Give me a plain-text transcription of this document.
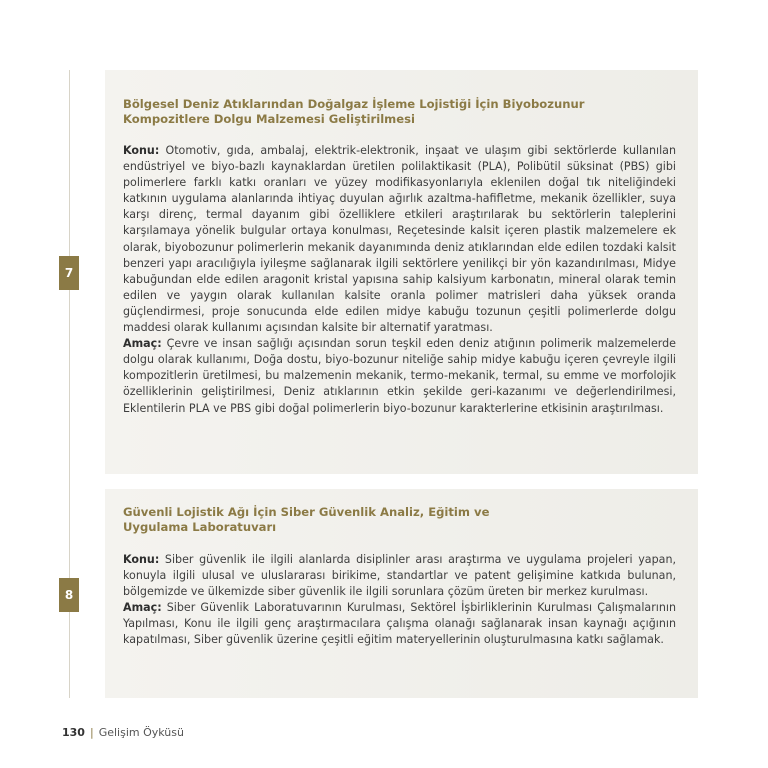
7

Bölgesel Deniz Atıklarından Doğalgaz İşleme Lojistiği İçin Biyobozunur
Kompozitlere Dolgu Malzemesi Geliştirilmesi

Konu: Otomotiv, gıda, ambalaj, elektrik-elektronik, inşaat ve ulaşım gibi sektörlerde kullanılan endüstriyel ve biyo-bazlı kaynaklardan üretilen polilaktikasit (PLA), Polibütil süksinat (PBS) gibi polimerlere farklı katkı oranları ve yüzey modifikasyonlarıyla eklenilen doğal tık niteliğindeki katkının uygulama alanlarında ihtiyaç duyulan ağırlık azaltma-hafifletme, mekanik özellikler, suya karşı direnç, termal dayanım gibi özelliklere etkileri araştırılarak bu sektörlerin taleplerini karşılamaya yönelik bulgular ortaya konulması, Reçetesinde kalsit içeren plastik malzemelere ek olarak, biyobozunur polimerlerin mekanik dayanımında deniz atıklarından elde edilen tozdaki kalsit benzeri yapı aracılığıyla iyileşme sağlanarak ilgili sektörlere yenilikçi bir yön kazandırılması, Midye kabuğundan elde edilen aragonit kristal yapısına sahip kalsiyum karbonatın, mineral olarak temin edilen ve yaygın olarak kullanılan kalsite oranla polimer matrisleri daha yüksek oranda güçlendirmesi, proje sonucunda elde edilen midye kabuğu tozunun çeşitli polimerlerde dolgu maddesi olarak kullanımı açısından kalsite bir alternatif yaratması.

Amaç: Çevre ve insan sağlığı açısından sorun teşkil eden deniz atığının polimerik malzemelerde dolgu olarak kullanımı, Doğa dostu, biyo-bozunur niteliğe sahip midye kabuğu içeren çevreyle ilgili kompozitlerin üretilmesi, bu malzemenin mekanik, termo-mekanik, termal, su emme ve morfolojik özelliklerinin geliştirilmesi, Deniz atıklarının etkin şekilde geri-kazanımı ve değerlendirilmesi, Eklentilerin PLA ve PBS gibi doğal polimerlerin biyo-bozunur karakterlerine etkisinin araştırılması.

8

Güvenli Lojistik Ağı İçin Siber Güvenlik Analiz, Eğitim ve
Uygulama Laboratuvarı

Konu: Siber güvenlik ile ilgili alanlarda disiplinler arası araştırma ve uygulama projeleri yapan, konuyla ilgili ulusal ve uluslararası birikime, standartlar ve patent gelişimine katkıda bulunan, bölgemizde ve ülkemizde siber güvenlik ile ilgili sorunlara çözüm üreten bir merkez kurulması.

Amaç: Siber Güvenlik Laboratuvarının Kurulması, Sektörel İşbirliklerinin Kurulması Çalışmalarının Yapılması, Konu ile ilgili genç araştırmacılara çalışma olanağı sağlanarak insan kaynağı açığının kapatılması, Siber güvenlik üzerine çeşitli eğitim materyellerinin oluşturulmasına katkı sağlamak.

130 | Gelişim Öyküsü
